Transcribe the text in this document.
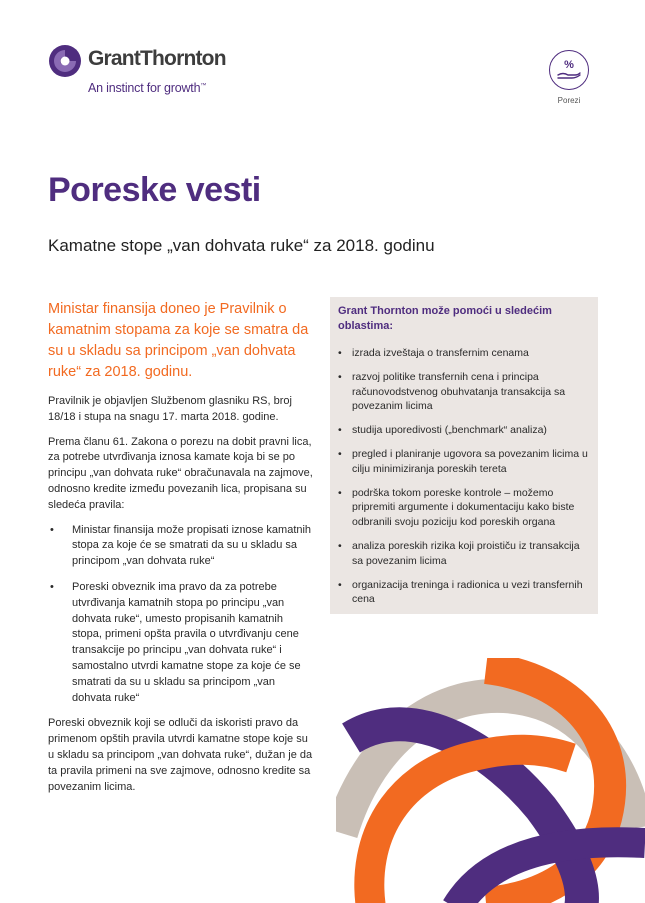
GrantThornton
An instinct for growth™
%
Porezi
Poreske vesti
Kamatne stope „van dohvata ruke“ za 2018. godinu

Ministar finansija doneo je Pravilnik o kamatnim stopama za koje se smatra da su u skladu sa principom „van dohvata ruke“ za 2018. godinu.

Pravilnik je objavljen Službenom glasniku RS, broj 18/18 i stupa na snagu 17. marta 2018. godine.

Prema članu 61. Zakona o porezu na dobit pravni lica, za potrebe utvrđivanja iznosa kamate koja bi se po principu „van dohvata ruke“ obračunavala na zajmove, odnosno kredite između povezanih lica, propisana su sledeća pravila:

• Ministar finansija može propisati iznose kamatnih stopa za koje će se smatrati da su u skladu sa principom „van dohvata ruke“
• Poreski obveznik ima pravo da za potrebe utvrđivanja kamatnih stopa po principu „van dohvata ruke“, umesto propisanih kamatnih stopa, primeni opšta pravila o utvrđivanju cene transakcije po principu „van dohvata ruke“ i samostalno utvrdi kamatne stope za koje će se smatrati da su u skladu sa principom „van dohvata ruke“

Poreski obveznik koji se odluči da iskoristi pravo da primenom opštih pravila utvrdi kamatne stope koje su u skladu sa principom „van dohvata ruke“, dužan je da ta pravila primeni na sve zajmove, odnosno kredite sa povezanim licima.

Grant Thornton može pomoći u sledećim oblastima:

• izrada izveštaja o transfernim cenama
• razvoj politike transfernih cena i principa računovodstvenog obuhvatanja transakcija sa povezanim licima
• studija uporedivosti („benchmark“ analiza)
• pregled i planiranje ugovora sa povezanim licima u cilju minimiziranja poreskih tereta
• podrška tokom poreske kontrole – možemo pripremiti argumente i dokumentaciju kako biste odbranili svoju poziciju kod poreskih organa
• analiza poreskih rizika koji proističu iz transakcija sa povezanim licima
• organizacija treninga i radionica u vezi transfernih cena
